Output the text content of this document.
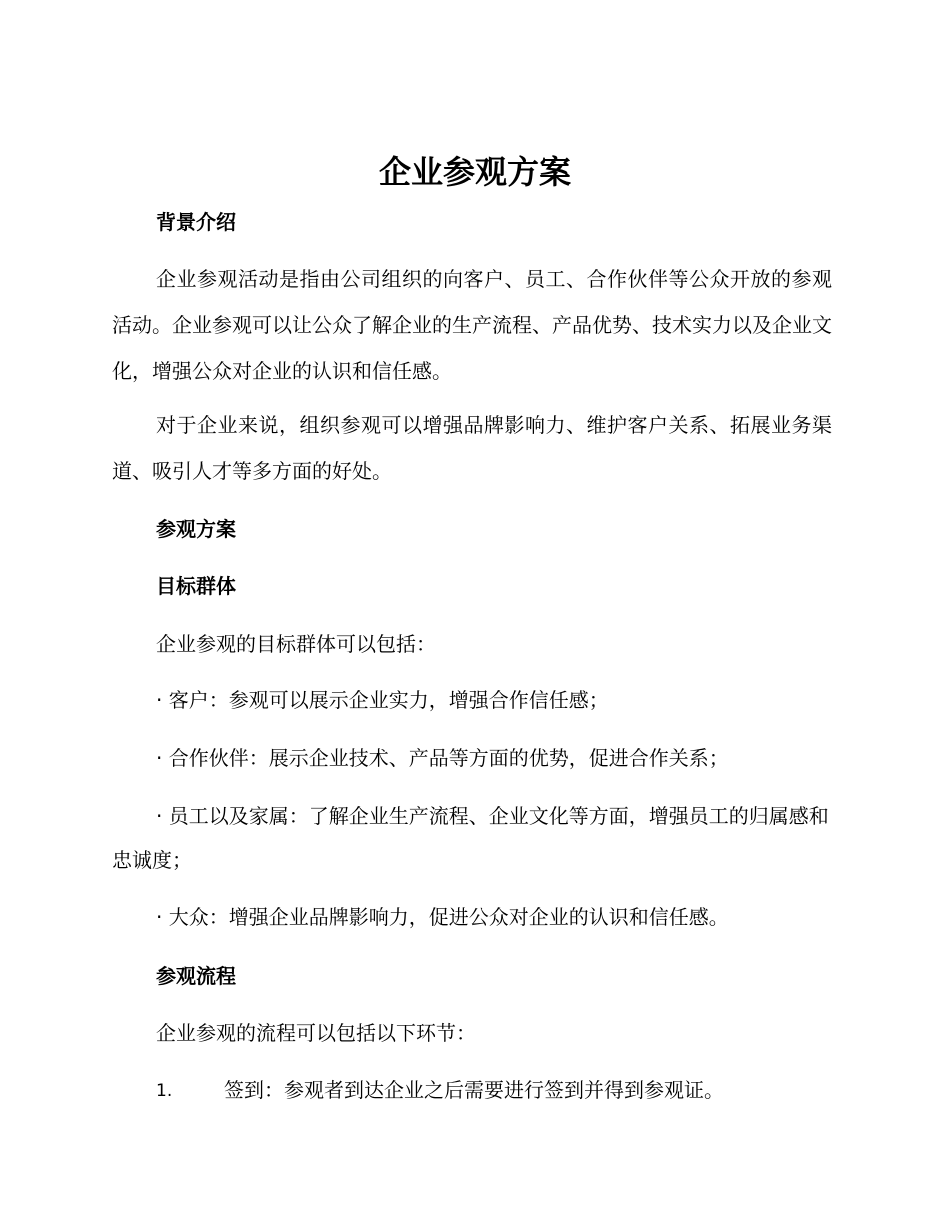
企业参观方案
背景介绍

企业参观活动是指由公司组织的向客户、员工、合作伙伴等公众开放的参观活动。企业参观可以让公众了解企业的生产流程、产品优势、技术实力以及企业文化，增强公众对企业的认识和信任感。

对于企业来说，组织参观可以增强品牌影响力、维护客户关系、拓展业务渠道、吸引人才等多方面的好处。

参观方案
目标群体

企业参观的目标群体可以包括：

· 客户：参观可以展示企业实力，增强合作信任感；

· 合作伙伴：展示企业技术、产品等方面的优势，促进合作关系；

· 员工以及家属：了解企业生产流程、企业文化等方面，增强员工的归属感和忠诚度；

· 大众：增强企业品牌影响力，促进公众对企业的认识和信任感。

参观流程

企业参观的流程可以包括以下环节：

1.	签到：参观者到达企业之后需要进行签到并得到参观证。
